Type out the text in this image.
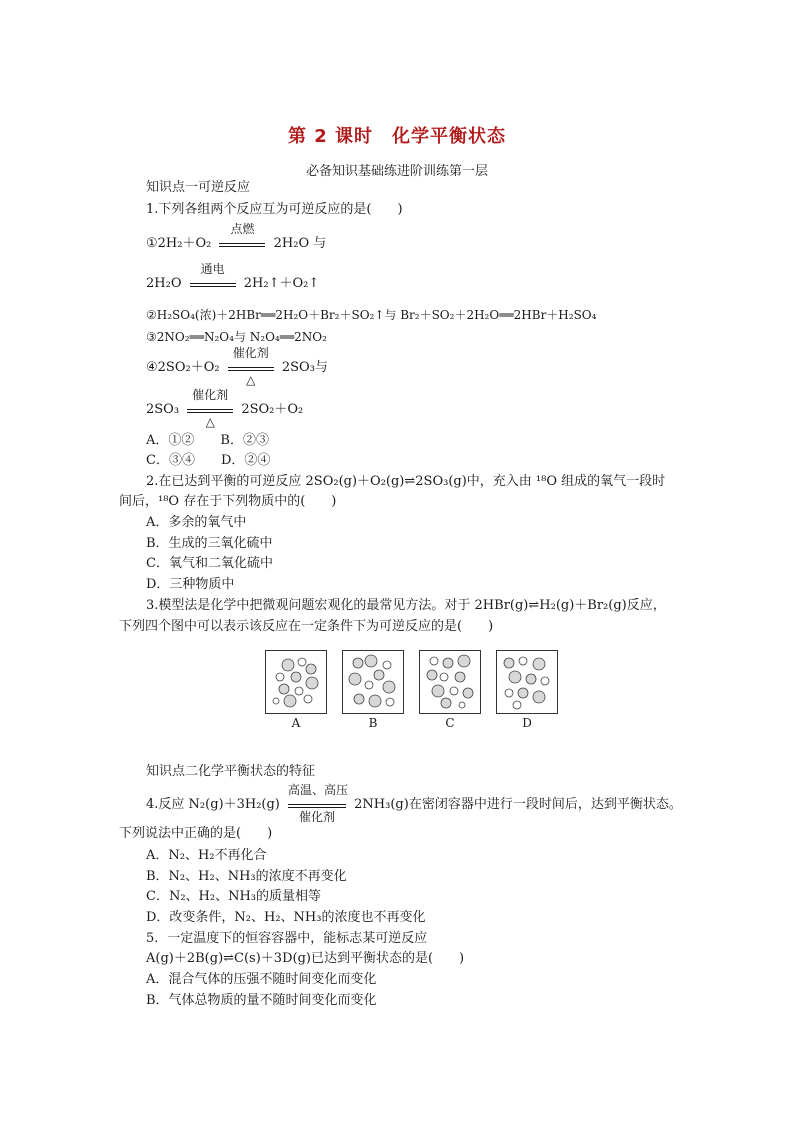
第 2 课时　化学平衡状态
必备知识基础练进阶训练第一层
知识点一可逆反应
1.下列各组两个反应互为可逆反应的是(　　)
①2H₂＋O₂
点燃
2H₂O 与
2H₂O
通电
2H₂↑＋O₂↑
②H₂SO₄(浓)＋2HBr══2H₂O＋Br₂＋SO₂↑与 Br₂＋SO₂＋2H₂O══2HBr＋H₂SO₄
③2NO₂══N₂O₄与 N₂O₄══2NO₂
④2SO₂＋O₂
催化剂
△
2SO₃与
2SO₃
催化剂
△
2SO₂＋O₂
A．①②　　B．②③
C．③④　　D．②④
2.在已达到平衡的可逆反应 2SO₂(g)＋O₂(g)⇌2SO₃(g)中，充入由 ¹⁸O 组成的氧气一段时
间后，¹⁸O 存在于下列物质中的(　　)
A．多余的氧气中
B．生成的三氧化硫中
C．氧气和二氧化硫中
D．三种物质中
3.模型法是化学中把微观问题宏观化的最常见方法。对于 2HBr(g)⇌H₂(g)＋Br₂(g)反应，
下列四个图中可以表示该反应在一定条件下为可逆反应的是(　　)
A	B	C	D
知识点二化学平衡状态的特征
4.反应 N₂(g)＋3H₂(g)
高温、高压
催化剂
2NH₃(g)在密闭容器中进行一段时间后，达到平衡状态。
下列说法中正确的是(　　)
A．N₂、H₂不再化合
B．N₂、H₂、NH₃的浓度不再变化
C．N₂、H₂、NH₃的质量相等
D．改变条件，N₂、H₂、NH₃的浓度也不再变化
5．一定温度下的恒容容器中，能标志某可逆反应
A(g)＋2B(g)⇌C(s)＋3D(g)已达到平衡状态的是(　　)
A．混合气体的压强不随时间变化而变化
B．气体总物质的量不随时间变化而变化
